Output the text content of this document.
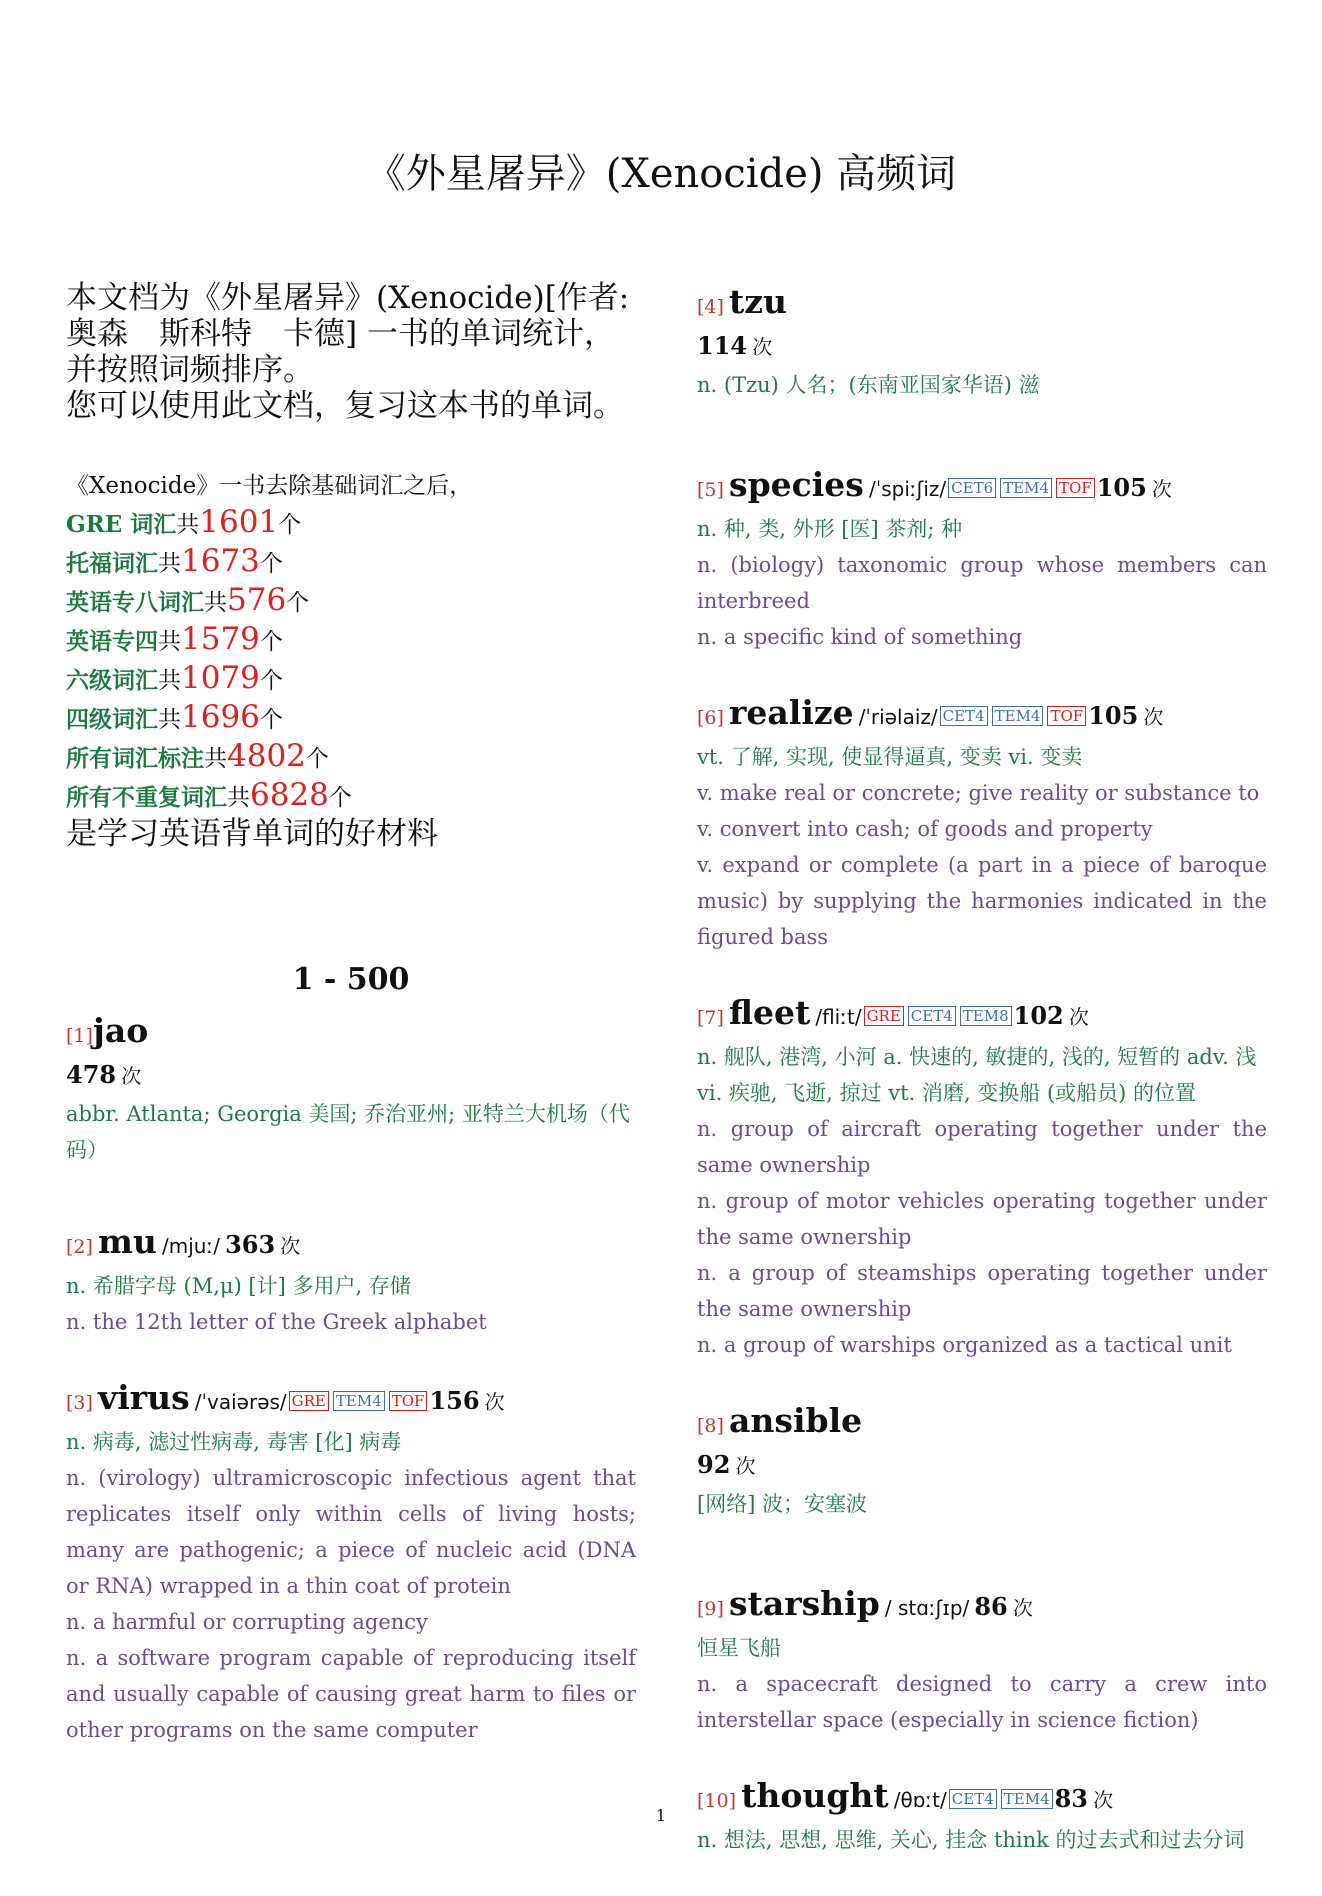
《外星屠异》(Xenocide) 高频词

本文档为《外星屠异》(Xenocide)[作者: 奥森　斯科特　卡德] 一书的单词统计，并按照词频排序。

您可以使用此文档，复习这本书的单词。

《Xenocide》一书去除基础词汇之后，
GRE 词汇共1601个
托福词汇共1673个
英语专八词汇共576个
英语专四共1579个
六级词汇共1079个
四级词汇共1696个
所有词汇标注共4802个
所有不重复词汇共6828个
是学习英语背单词的好材料
1 - 500
[1]jao
478 次
abbr. Atlanta; Georgia 美国; 乔治亚州; 亚特兰大机场（代码）
[2] mu /mjuː/ 363 次
n. 希腊字母 (M,μ) [计] 多用户, 存储
n. the 12th letter of the Greek alphabet
[3] virus /ˈvaiərəs/ GRE TEM4 TOF 156 次
n. 病毒, 滤过性病毒, 毒害 [化] 病毒
n. (virology) ultramicroscopic infectious agent that replicates itself only within cells of living hosts; many are pathogenic; a piece of nucleic acid (DNA or RNA) wrapped in a thin coat of protein
n. a harmful or corrupting agency
n. a software program capable of reproducing itself and usually capable of causing great harm to files or other programs on the same computer
[4] tzu
114 次
n. (Tzu) 人名；(东南亚国家华语) 滋
[5] species /ˈspiːʃiz/ CET6 TEM4 TOF 105 次
n. 种, 类, 外形 [医] 茶剂; 种
n. (biology) taxonomic group whose members can interbreed
n. a specific kind of something
[6] realize /ˈriəlaiz/ CET4 TEM4 TOF 105 次
vt. 了解, 实现, 使显得逼真, 变卖 vi. 变卖
v. make real or concrete; give reality or substance to
v. convert into cash; of goods and property
v. expand or complete (a part in a piece of baroque music) by supplying the harmonies indicated in the figured bass
[7] fleet /fliːt/ GRE CET4 TEM8 102 次
n. 舰队, 港湾, 小河 a. 快速的, 敏捷的, 浅的, 短暂的 adv. 浅 vi. 疾驰, 飞逝, 掠过 vt. 消磨, 变换船 (或船员) 的位置
n. group of aircraft operating together under the same ownership
n. group of motor vehicles operating together under the same ownership
n. a group of steamships operating together under the same ownership
n. a group of warships organized as a tactical unit
[8] ansible
92 次
[网络] 波；安塞波
[9] starship / stɑːʃɪp/ 86 次
恒星飞船
n. a spacecraft designed to carry a crew into interstellar space (especially in science fiction)
[10] thought /θɒːt/ CET4 TEM4 83 次
n. 想法, 思想, 思维, 关心, 挂念 think 的过去式和过去分词
1
